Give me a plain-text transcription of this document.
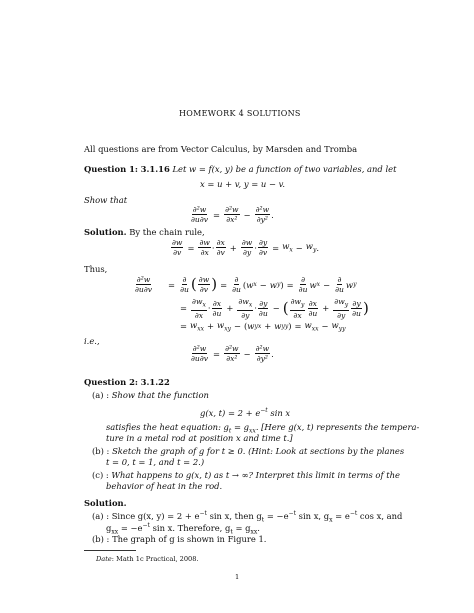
HOMEWORK 4 SOLUTIONS
All questions are from Vector Calculus, by Marsden and Tromba
Question 1: 3.1.16 Let w = f(x, y) be a function of two variables, and let
x = u + v, y = u − v.
Show that
$\frac{\text{∂²w}}{\partial u\partial v} = \frac{\text{∂²w}}{\text{∂x²}} - \frac{\text{∂²w}}{\text{∂y²}}$ .
Solution. By the chain rule,
$\frac{\partial w}{\partial v} = \frac{\partial w}{\partial x} \cdot \frac{\partial x}{\partial v} + \frac{\partial w}{\partial y} \cdot \frac{\partial y}{\partial v} = w_x - w_y$ .
Thus,
$\frac{\text{∂²w}}{\partial u\partial v} = \frac{\partial}{\partial u}$ ( $\frac{\partial w}{\partial v}$ ) = $\frac{\partial}{\partial u}$ ( w x − w y ) = $\frac{\partial}{\partial u}$ w $x - \frac{\partial}{\partial u}$ w y
= $\frac{\partial w_x}{\partial x} \cdot \frac{\partial x}{\partial u} + \frac{\partial w_x}{\partial y} \cdot \frac{\partial y}{\partial u}$ − ( $\frac{\partial w_y}{\partial x} \frac{\partial x}{\partial u} + \frac{\partial w_y}{\partial y} \frac{\partial y}{\partial u}$ )
= $w_{xx} + w_{xy}$ − ( w yx + w yy ) = $w_{xx} - w_{yy}$
i.e.,
$\frac{\text{∂²w}}{\partial u\partial v} = \frac{\text{∂²w}}{\text{∂x²}} - \frac{\text{∂²w}}{\text{∂y²}}$ .
Question 2: 3.1.22
(a) : Show that the function
g(x, $t) = 2 + e^{-t}$ sin x
satisfies the heat equation: $g_t = g_{xx}$. [Here g(x, t) represents the tempera-
ture in a metal rod at position x and time t.]
(b) : Sketch the graph of g for t ≥ 0. (Hint: Look at sections by the planes
t = 0, t = 1, and t = 2.)
(c) : What happens to g(x, t) as t → ∞? Interpret this limit in terms of the
behavior of heat in the rod.
Solution.
(a) : Since g(x, $y) = 2 + e^{-t}$ sin x, then $g_t = -e^{-t}$ sin x, $g_x = e^{-t}$ cos x, and
$g_{xx} = -e^{-t}$ sin x. Therefore, $g_t = g_{xx}$.
(b) : The graph of g is shown in Figure 1.
Date: Math 1c Practical, 2008.
1
